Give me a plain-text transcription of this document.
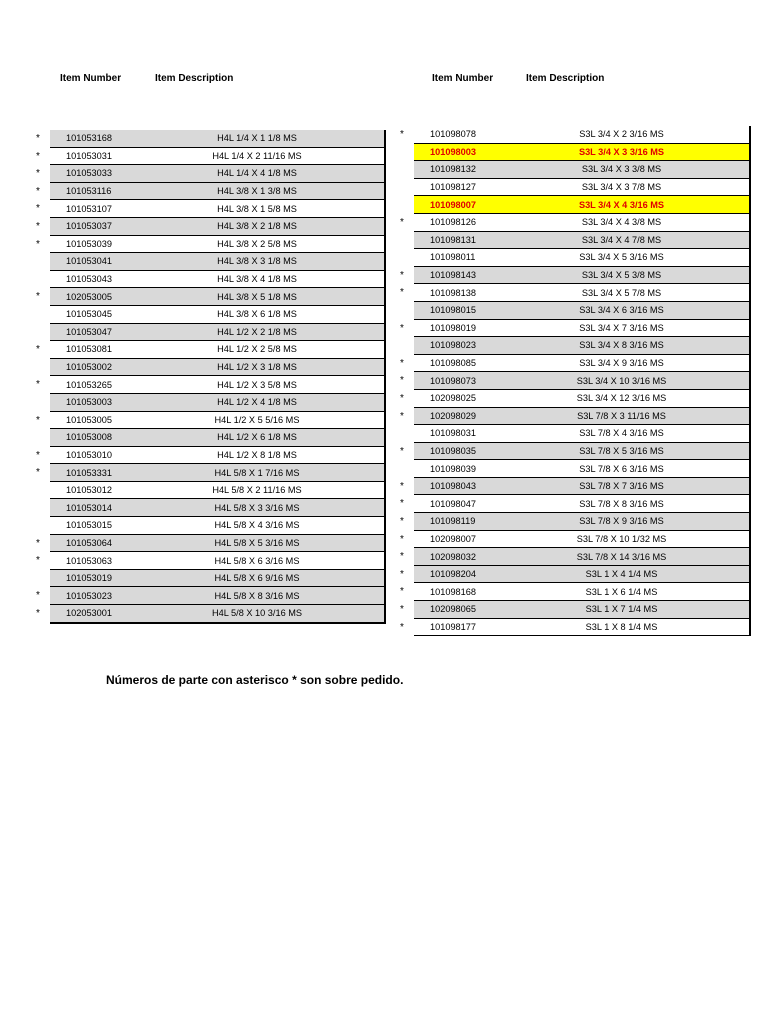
Item Number	Item Description	Item Number	Item Description
*	101053168	H4L 1/4 X 1 1/8 MS
*	101053031	H4L 1/4 X 2 11/16 MS
*	101053033	H4L 1/4 X 4 1/8 MS
*	101053116	H4L 3/8 X 1 3/8 MS
*	101053107	H4L 3/8 X 1 5/8 MS
*	101053037	H4L 3/8 X 2 1/8 MS
*	101053039	H4L 3/8 X 2 5/8 MS
101053041	H4L 3/8 X 3 1/8 MS
101053043	H4L 3/8 X 4 1/8 MS
*	102053005	H4L 3/8 X 5 1/8 MS
101053045	H4L 3/8 X 6 1/8 MS
101053047	H4L 1/2 X 2 1/8 MS
*	101053081	H4L 1/2 X 2 5/8 MS
101053002	H4L 1/2 X 3 1/8 MS
*	101053265	H4L 1/2 X 3 5/8 MS
101053003	H4L 1/2 X 4 1/8 MS
*	101053005	H4L 1/2 X 5 5/16 MS
101053008	H4L 1/2 X 6 1/8 MS
*	101053010	H4L 1/2 X 8 1/8 MS
*	101053331	H4L 5/8 X 1 7/16 MS
101053012	H4L 5/8 X 2 11/16 MS
101053014	H4L 5/8 X 3 3/16 MS
101053015	H4L 5/8 X 4 3/16 MS
*	101053064	H4L 5/8 X 5 3/16 MS
*	101053063	H4L 5/8 X 6 3/16 MS
101053019	H4L 5/8 X 6 9/16 MS
*	101053023	H4L 5/8 X 8 3/16 MS
*	102053001	H4L 5/8 X 10 3/16 MS
*	101098078	S3L 3/4 X 2 3/16 MS
101098003	S3L 3/4 X 3 3/16 MS
101098132	S3L 3/4 X 3 3/8 MS
101098127	S3L 3/4 X 3 7/8 MS
101098007	S3L 3/4 X 4 3/16 MS
*	101098126	S3L 3/4 X 4 3/8 MS
101098131	S3L 3/4 X 4 7/8 MS
101098011	S3L 3/4 X 5 3/16 MS
*	101098143	S3L 3/4 X 5 3/8 MS
*	101098138	S3L 3/4 X 5 7/8 MS
101098015	S3L 3/4 X 6 3/16 MS
*	101098019	S3L 3/4 X 7 3/16 MS
101098023	S3L 3/4 X 8 3/16 MS
*	101098085	S3L 3/4 X 9 3/16 MS
*	101098073	S3L 3/4 X 10 3/16 MS
*	102098025	S3L 3/4 X 12 3/16 MS
*	102098029	S3L 7/8 X 3 11/16 MS
101098031	S3L 7/8 X 4 3/16 MS
*	101098035	S3L 7/8 X 5 3/16 MS
101098039	S3L 7/8 X 6 3/16 MS
*	101098043	S3L 7/8 X 7 3/16 MS
*	101098047	S3L 7/8 X 8 3/16 MS
*	101098119	S3L 7/8 X 9 3/16 MS
*	102098007	S3L 7/8 X 10 1/32 MS
*	102098032	S3L 7/8 X 14 3/16 MS
*	101098204	S3L 1 X 4 1/4 MS
*	101098168	S3L 1 X 6 1/4 MS
*	102098065	S3L 1 X 7 1/4 MS
*	101098177	S3L 1 X 8 1/4 MS
Números de parte con asterisco * son sobre pedido.
